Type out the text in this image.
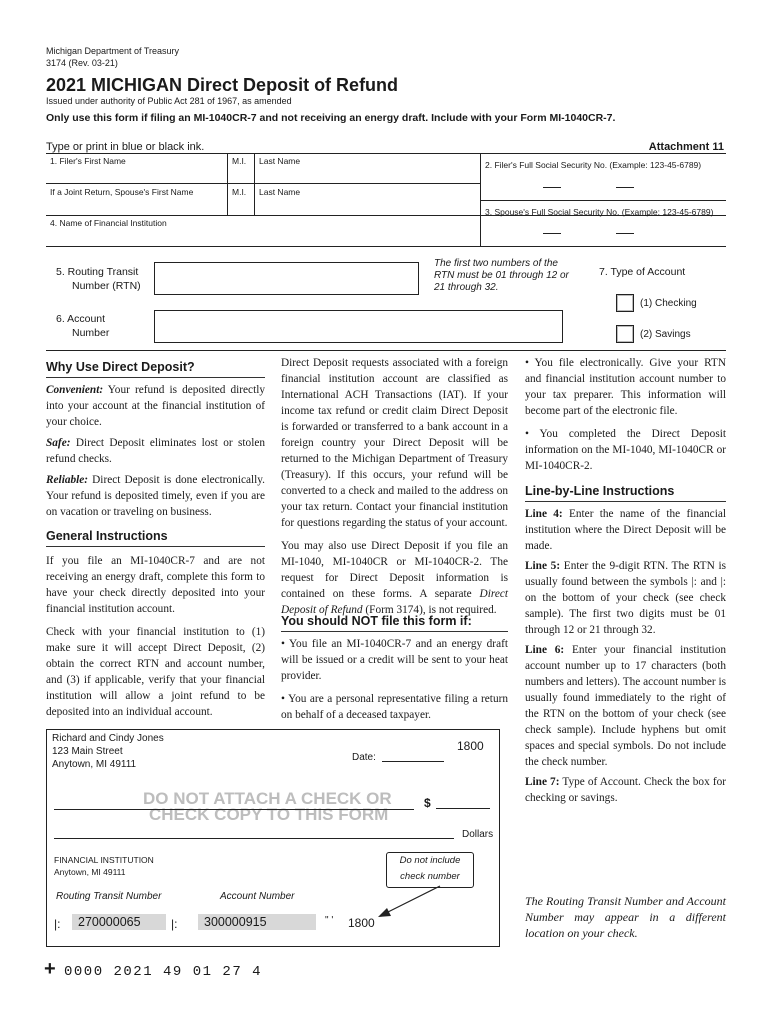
Michigan Department of Treasury
3174 (Rev. 03-21)
2021 MICHIGAN Direct Deposit of Refund
Issued under authority of Public Act 281 of 1967, as amended
Only use this form if filing an MI-1040CR-7 and not receiving an energy draft. Include with your Form MI-1040CR-7.
Type or print in blue or black ink.	Attachment 11
1. Filer's First Name	M.I. Last Name	2. Filer's Full Social Security No. (Example: 123-45-6789)
If a Joint Return, Spouse's First Name	M.I. Last Name
3. Spouse's Full Social Security No. (Example: 123-45-6789)
4. Name of Financial Institution
5. Routing Transit
Number (RTN)
The first two numbers of the RTN must be 01 through 12 or 21 through 32.
6. Account
Number
7. Type of Account
(1) Checking
(2) Savings
Why Use Direct Deposit?

Convenient: Your refund is deposited directly into your account at the financial institution of your choice.

Safe: Direct Deposit eliminates lost or stolen refund checks.

Reliable: Direct Deposit is done electronically. Your refund is deposited timely, even if you are on vacation or traveling on business.

General Instructions

If you file an MI-1040CR-7 and are not receiving an energy draft, complete this form to have your check directly deposited into your financial institution account.

Check with your financial institution to (1) make sure it will accept Direct Deposit, (2) obtain the correct RTN and account number, and (3) if applicable, verify that your financial institution will allow a joint refund to be deposited into an individual account.

Direct Deposit requests associated with a foreign financial institution account are classified as International ACH Transactions (IAT). If your income tax refund or credit claim Direct Deposit is forwarded or transferred to a bank account in a foreign country your Direct Deposit will be returned to the Michigan Department of Treasury (Treasury). If this occurs, your refund will be converted to a check and mailed to the address on your tax return. Contact your financial institution for questions regarding the status of your account.

You may also use Direct Deposit if you file an MI-1040, MI-1040CR or MI-1040CR-2. The request for Direct Deposit information is contained on these forms. A separate Direct Deposit of Refund (Form 3174), is not required.

You should NOT file this form if:

• You file an MI-1040CR-7 and an energy draft will be issued or a credit will be sent to your heat provider.

• You are a personal representative filing a return on behalf of a deceased taxpayer.

• You file electronically. Give your RTN and financial institution account number to your tax preparer. This information will become part of the electronic file.

• You completed the Direct Deposit information on the MI-1040, MI-1040CR or MI-1040CR-2.

Line-by-Line Instructions

Line 4: Enter the name of the financial institution where the Direct Deposit will be made.

Line 5: Enter the 9-digit RTN. The RTN is usually found between the symbols |: and |: on the bottom of your check (see check sample). The first two digits must be 01 through 12 or 21 through 32.

Line 6: Enter your financial institution account number up to 17 characters (both numbers and letters). The account number is usually found immediately to the right of the RTN on the bottom of your check (see check sample). Include hyphens but omit spaces and special symbols. Do not include the check number.

Line 7: Type of Account. Check the box for checking or savings.

The Routing Transit Number and Account Number may appear in a different location on your check.
Richard and Cindy Jones
123 Main Street
Anytown, MI 49111
1800
Date:
DO NOT ATTACH A CHECK OR
CHECK COPY TO THIS FORM
$
Dollars
FINANCIAL INSTITUTION
Anytown, MI 49111
Do not include
check number
Routing Transit Number	Account Number
|:	270000065	|:	300000915	" ' 1800
+ 0000 2021 49 01 27 4
